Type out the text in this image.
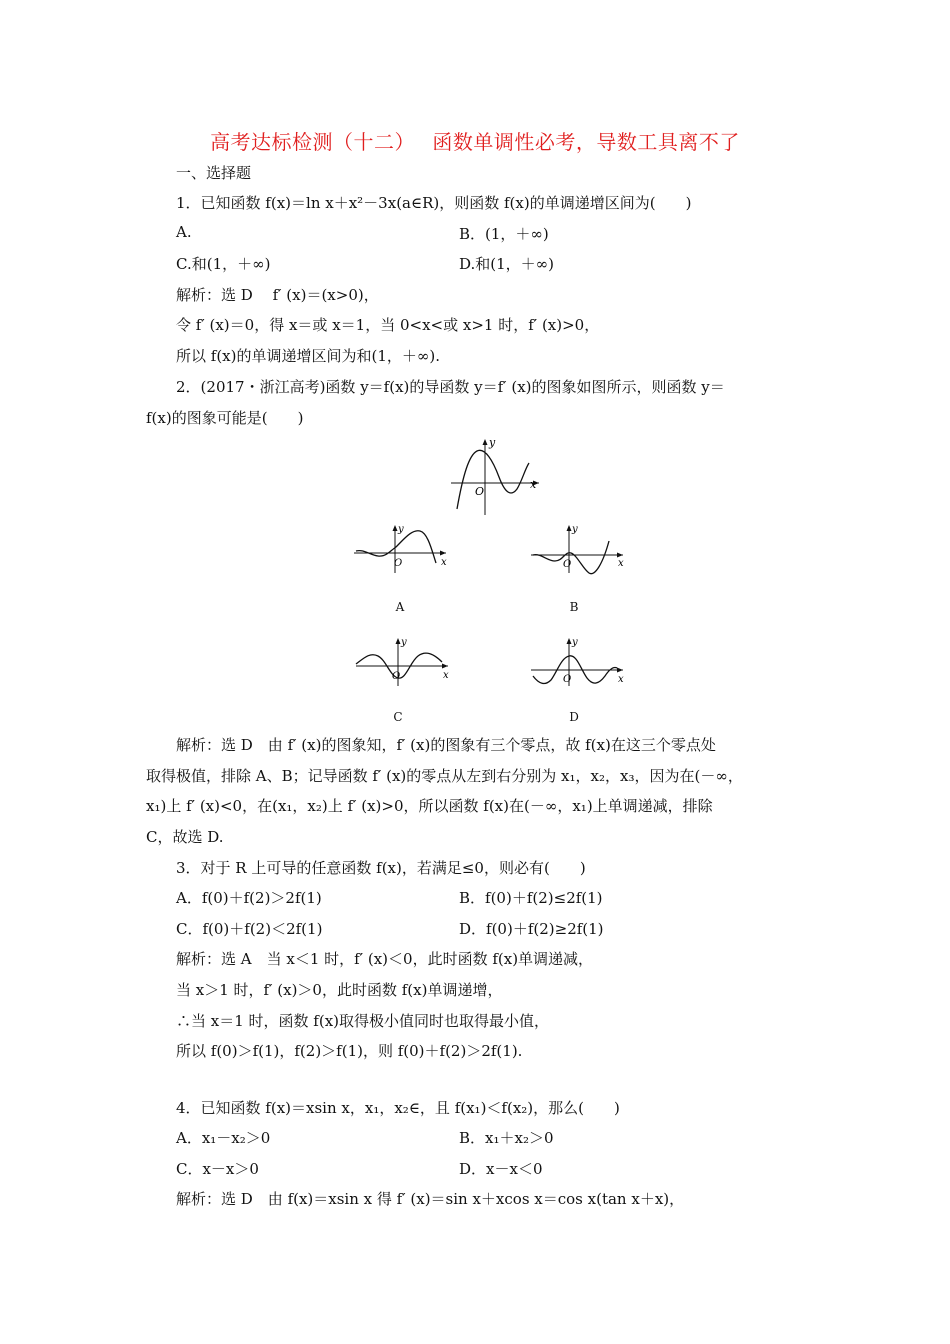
高考达标检测（十二）　 函数单调性必考，导数工具离不了
一、选择题
1．已知函数 f(x)＝ln x＋x²－3x(a∈R)，则函数 f(x)的单调递增区间为(　　)
A.	B．(1，＋∞)
C.和(1，＋∞)	D.和(1，＋∞)
解析：选 D　 f′ (x)＝(x>0)，
令 f′ (x)＝0，得 x＝或 x＝1，当 0<x<或 x>1 时，f′ (x)>0，
所以 f(x)的单调递增区间为和(1，＋∞).
2．(2017・浙江高考)函数 y＝f(x)的导函数 y＝f′ (x)的图象如图所示，则函数 y＝
f(x)的图象可能是(　　)
x
y
O
x
y
O
A
x
y
O
B
x
y
O
C
x
y
O
D
解析：选 D　由 f′ (x)的图象知，f′ (x)的图象有三个零点，故 f(x)在这三个零点处
取得极值，排除 A、B；记导函数 f′ (x)的零点从左到右分别为 x₁，x₂，x₃，因为在(－∞，
x₁)上 f′ (x)<0，在(x₁，x₂)上 f′ (x)>0，所以函数 f(x)在(－∞，x₁)上单调递减，排除
C，故选 D.
3．对于 R 上可导的任意函数 f(x)，若满足≤0，则必有(　　)
A．f(0)＋f(2)＞2f(1)	B．f(0)＋f(2)≤2f(1)
C．f(0)＋f(2)＜2f(1)	D．f(0)＋f(2)≥2f(1)
解析：选 A　当 x＜1 时，f′ (x)＜0，此时函数 f(x)单调递减，
当 x＞1 时，f′ (x)＞0，此时函数 f(x)单调递增，
∴当 x＝1 时，函数 f(x)取得极小值同时也取得最小值，
所以 f(0)＞f(1)，f(2)＞f(1)，则 f(0)＋f(2)＞2f(1).
4．已知函数 f(x)＝xsin x，x₁，x₂∈，且 f(x₁)＜f(x₂)，那么(　　)
A．x₁－x₂＞0	B．x₁＋x₂＞0
C．x－x＞0	D．x－x＜0
解析：选 D　由 f(x)＝xsin x 得 f′ (x)＝sin x＋xcos x＝cos x(tan x＋x)，
